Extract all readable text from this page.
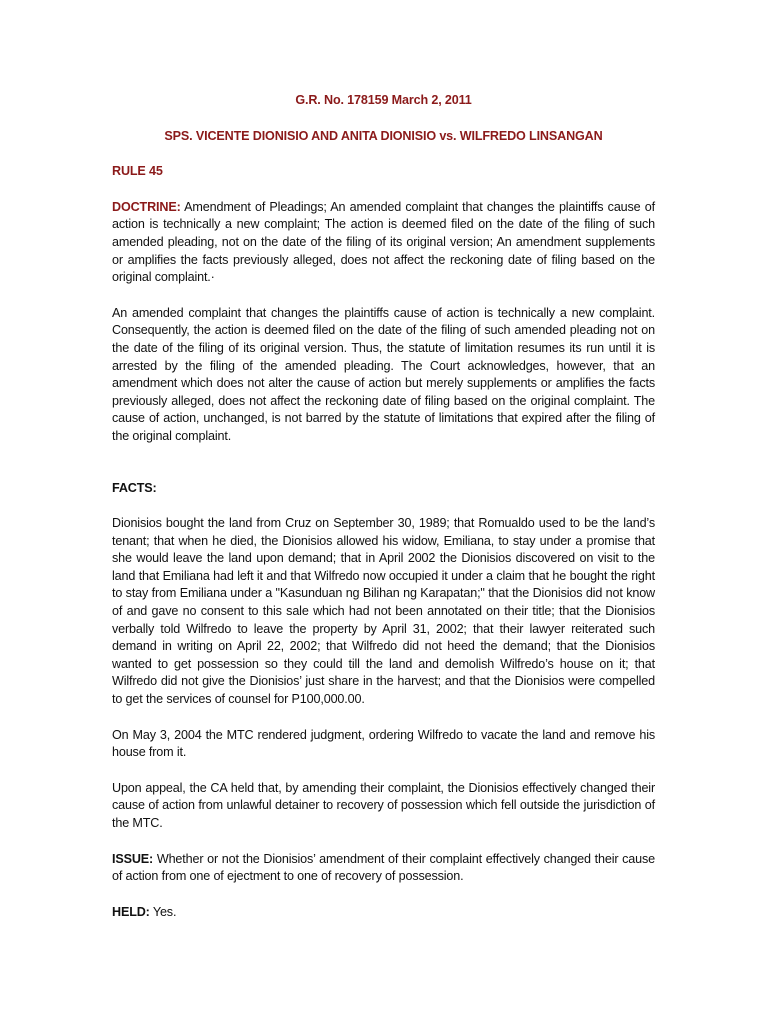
G.R. No. 178159 March 2, 2011

SPS. VICENTE DIONISIO AND ANITA DIONISIO vs. WILFREDO LINSANGAN

RULE 45

DOCTRINE: Amendment of Pleadings; An amended complaint that changes the plaintiffs cause of action is technically a new complaint; The action is deemed filed on the date of the filing of such amended pleading, not on the date of the filing of its original version; An amendment supplements or amplifies the facts previously alleged, does not affect the reckoning date of filing based on the original complaint.·

An amended complaint that changes the plaintiffs cause of action is technically a new complaint. Consequently, the action is deemed filed on the date of the filing of such amended pleading not on the date of the filing of its original version. Thus, the statute of limitation resumes its run until it is arrested by the filing of the amended pleading. The Court acknowledges, however, that an amendment which does not alter the cause of action but merely supplements or amplifies the facts previously alleged, does not affect the reckoning date of filing based on the original complaint. The cause of action, unchanged, is not barred by the statute of limitations that expired after the filing of the original complaint.

FACTS:

Dionisios bought the land from Cruz on September 30, 1989; that Romualdo used to be the land’s tenant; that when he died, the Dionisios allowed his widow, Emiliana, to stay under a promise that she would leave the land upon demand; that in April 2002 the Dionisios discovered on visit to the land that Emiliana had left it and that Wilfredo now occupied it under a claim that he bought the right to stay from Emiliana under a "Kasunduan ng Bilihan ng Karapatan;" that the Dionisios did not know of and gave no consent to this sale which had not been annotated on their title; that the Dionisios verbally told Wilfredo to leave the property by April 31, 2002; that their lawyer reiterated such demand in writing on April 22, 2002; that Wilfredo did not heed the demand; that the Dionisios wanted to get possession so they could till the land and demolish Wilfredo’s house on it; that Wilfredo did not give the Dionisios’ just share in the harvest; and that the Dionisios were compelled to get the services of counsel for P100,000.00.

On May 3, 2004 the MTC rendered judgment, ordering Wilfredo to vacate the land and remove his house from it.

Upon appeal, the CA held that, by amending their complaint, the Dionisios effectively changed their cause of action from unlawful detainer to recovery of possession which fell outside the jurisdiction of the MTC.

ISSUE: Whether or not the Dionisios’ amendment of their complaint effectively changed their cause of action from one of ejectment to one of recovery of possession.

HELD: Yes.
